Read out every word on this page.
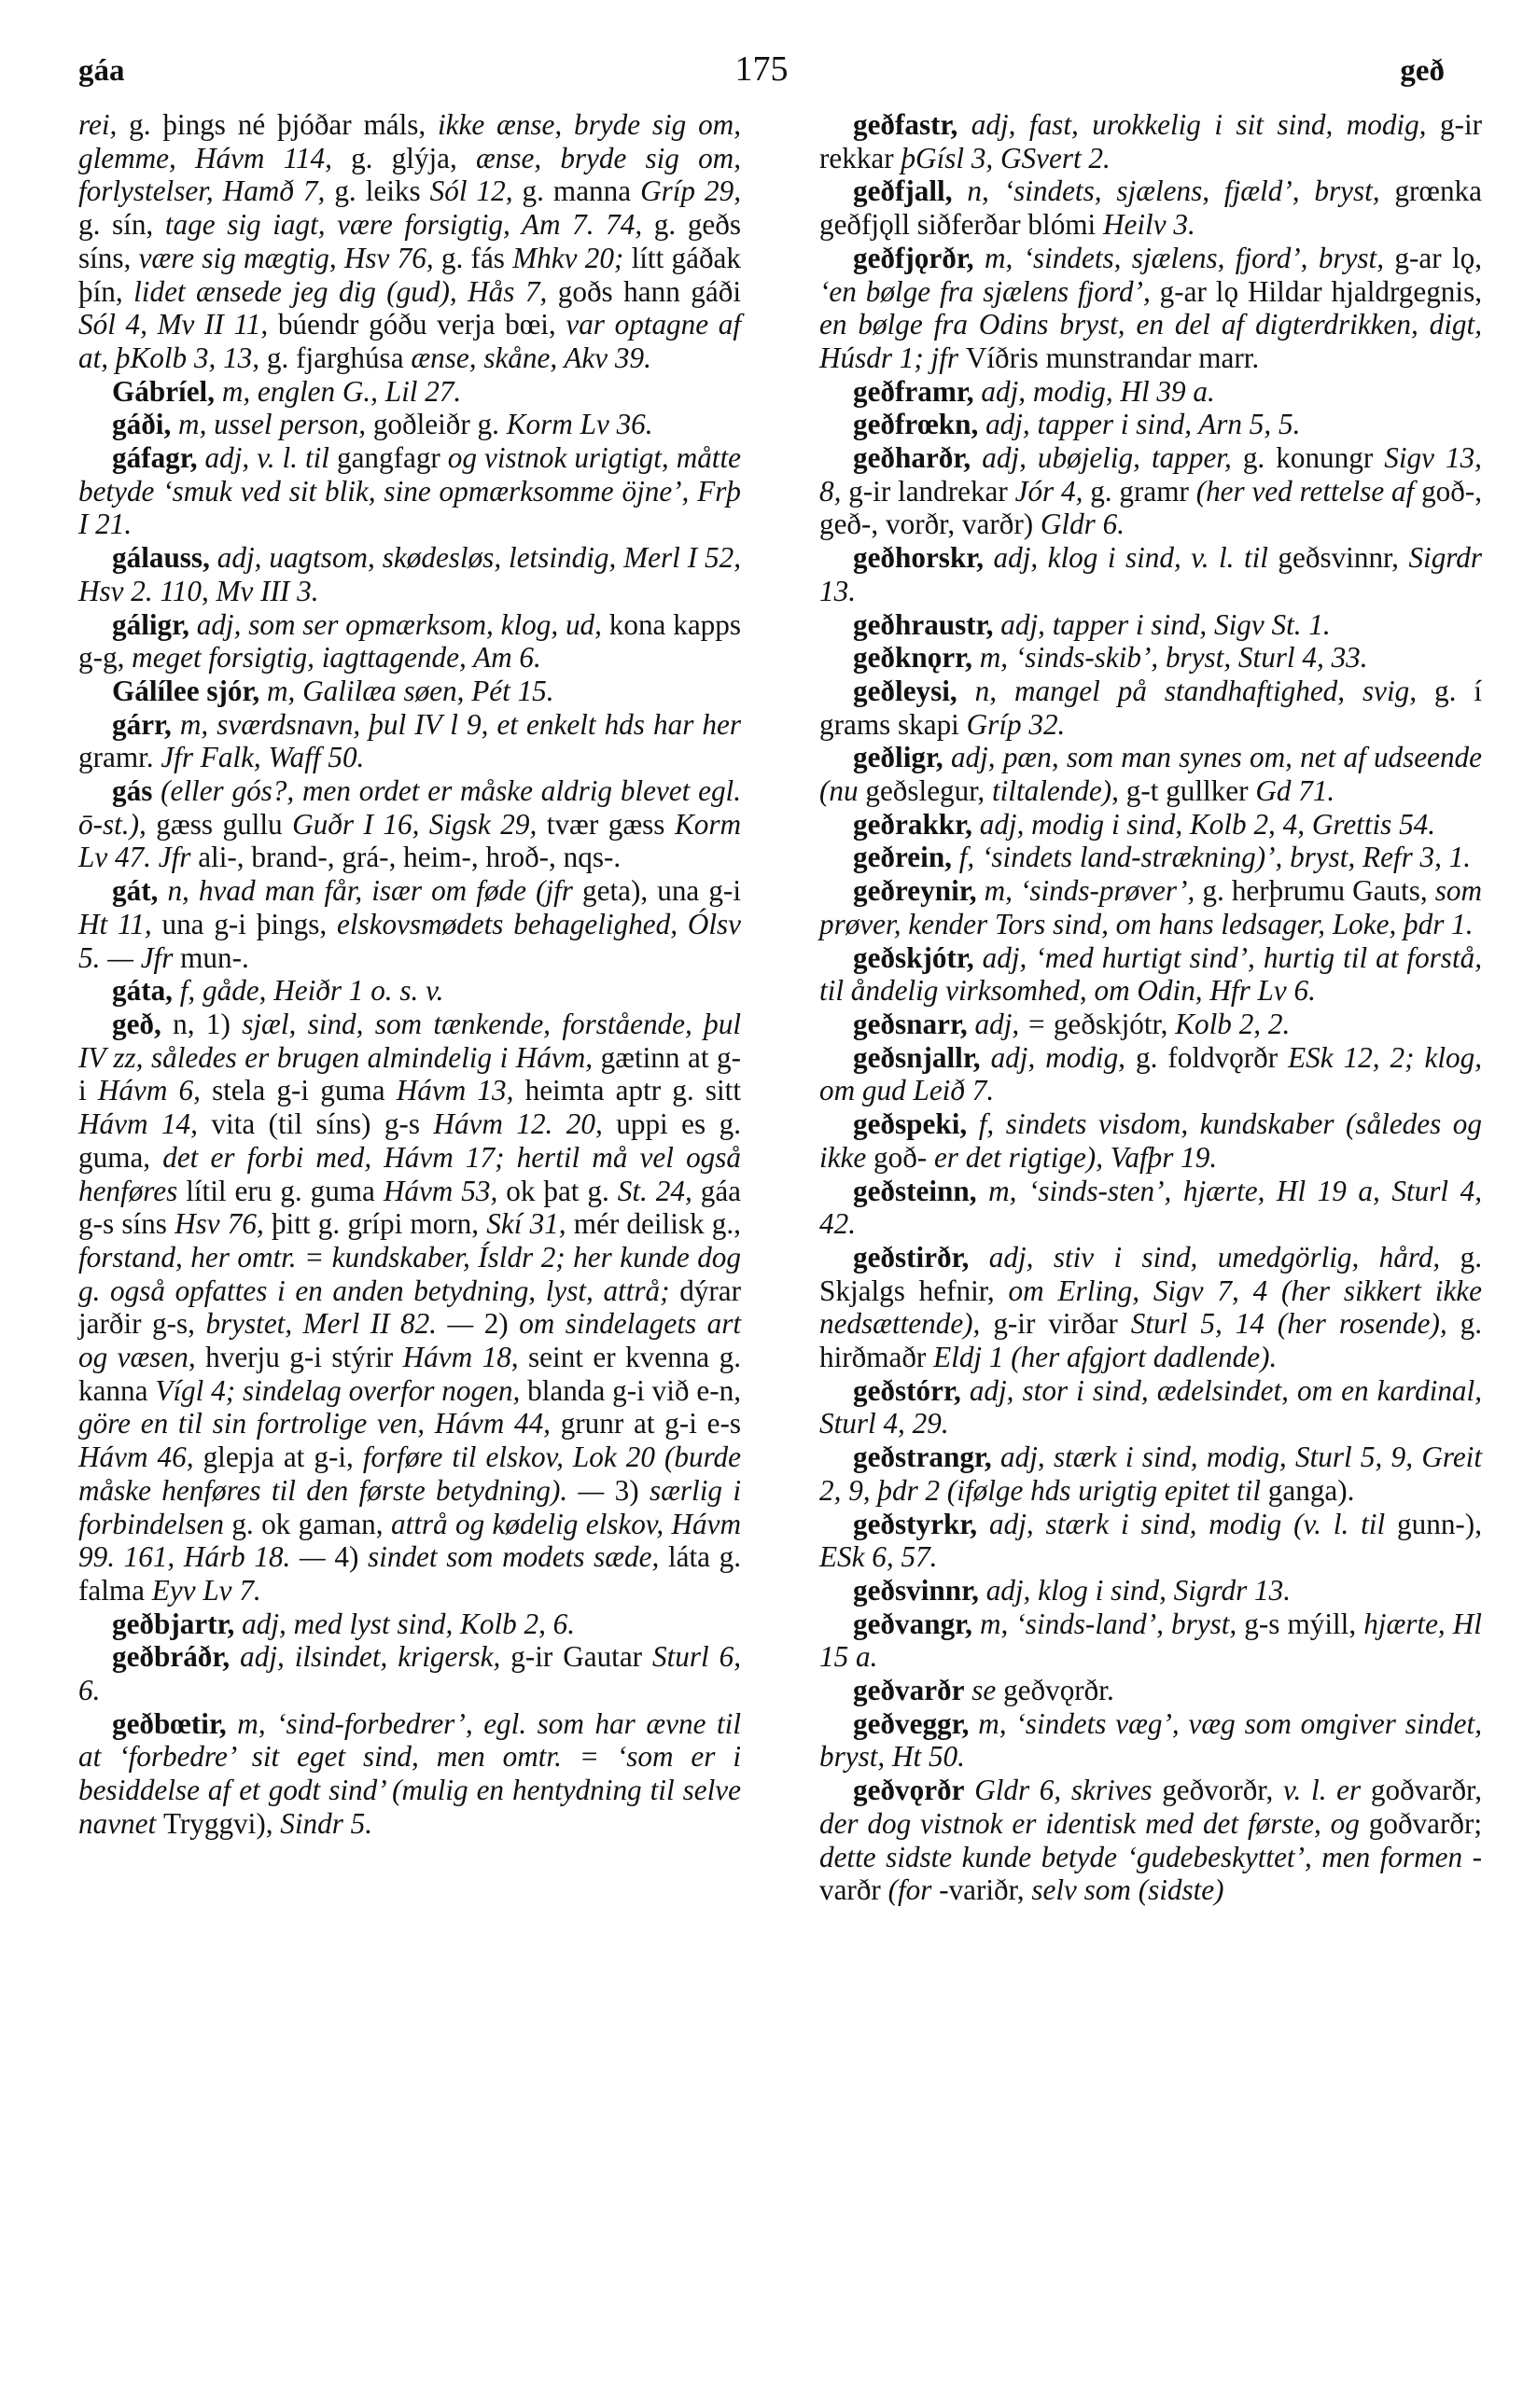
gáa	175	geð

rei, g. þings né þjóðar máls, ikke ænse, bryde sig om, glemme, Hávm 114, g. glýja, ænse, bryde sig om, forlystelser, Hamð 7, g. leiks Sól 12, g. manna Gríp 29, g. sín, tage sig iagt, være forsigtig, Am 7. 74, g. geðs síns, være sig mægtig, Hsv 76, g. fás Mhkv 20; lítt gáðak þín, lidet ænsede jeg dig (gud), Hås 7, goðs hann gáði Sól 4, Mv II 11, búendr góðu verja bœi, var optagne af at, þKolb 3, 13, g. fjarghúsa ænse, skåne, Akv 39.

Gábríel, m, englen G., Lil 27.

gáði, m, ussel person, goðleiðr g. Korm Lv 36.

gáfagr, adj, v. l. til gangfagr og vistnok urigtigt, måtte betyde ‘smuk ved sit blik, sine opmærksomme öjne’, Frþ I 21.

gálauss, adj, uagtsom, skødesløs, letsindig, Merl I 52, Hsv 2. 110, Mv III 3.

gáligr, adj, som ser opmærksom, klog, ud, kona kapps g-g, meget forsigtig, iagttagende, Am 6.

Gálílee sjór, m, Galilæa søen, Pét 15.

gárr, m, sværdsnavn, þul IV l 9, et enkelt hds har her gramr. Jfr Falk, Waff 50.

gás (eller gós?, men ordet er måske aldrig blevet egl. ō-st.), gæss gullu Guðr I 16, Sigsk 29, tvær gæss Korm Lv 47. Jfr ali-, brand-, grá-, heim-, hroð-, nqs-.

gát, n, hvad man får, især om føde (jfr geta), una g-i Ht 11, una g-i þings, elskovsmødets behagelighed, Ólsv 5. — Jfr mun-.

gáta, f, gåde, Heiðr 1 o. s. v.

geð, n, 1) sjæl, sind, som tænkende, forstående, þul IV zz, således er brugen almindelig i Hávm, gætinn at g-i Hávm 6, stela g-i guma Hávm 13, heimta aptr g. sitt Hávm 14, vita (til síns) g-s Hávm 12. 20, uppi es g. guma, det er forbi med, Hávm 17; hertil må vel også henføres lítil eru g. guma Hávm 53, ok þat g. St. 24, gáa g-s síns Hsv 76, þitt g. grípi morn, Skí 31, mér deilisk g., forstand, her omtr. = kundskaber, Ísldr 2; her kunde dog g. også opfattes i en anden betydning, lyst, attrå; dýrar jarðir g-s, brystet, Merl II 82. — 2) om sindelagets art og væsen, hverju g-i stýrir Hávm 18, seint er kvenna g. kanna Vígl 4; sindelag overfor nogen, blanda g-i við e-n, göre en til sin fortrolige ven, Hávm 44, grunr at g-i e-s Hávm 46, glepja at g-i, forføre til elskov, Lok 20 (burde måske henføres til den første betydning). — 3) særlig i forbindelsen g. ok gaman, attrå og kødelig elskov, Hávm 99. 161, Hárb 18. — 4) sindet som modets sæde, láta g. falma Eyv Lv 7.

geðbjartr, adj, med lyst sind, Kolb 2, 6.

geðbráðr, adj, ilsindet, krigersk, g-ir Gautar Sturl 6, 6.

geðbœtir, m, ‘sind-forbedrer’, egl. som har ævne til at ‘forbedre’ sit eget sind, men omtr. = ‘som er i besiddelse af et godt sind’ (mulig en hentydning til selve navnet Tryggvi), Sindr 5.

geðfastr, adj, fast, urokkelig i sit sind, modig, g-ir rekkar þGísl 3, GSvert 2.

geðfjall, n, ‘sindets, sjælens, fjæld’, bryst, grœnka geðfjǫll siðferðar blómi Heilv 3.

geðfjǫrðr, m, ‘sindets, sjælens, fjord’, bryst, g-ar lǫ, ‘en bølge fra sjælens fjord’, g-ar lǫ Hildar hjaldrgegnis, en bølge fra Odins bryst, en del af digterdrikken, digt, Húsdr 1; jfr Víðris munstrandar marr.

geðframr, adj, modig, Hl 39 a.

geðfrœkn, adj, tapper i sind, Arn 5, 5.

geðharðr, adj, ubøjelig, tapper, g. konungr Sigv 13, 8, g-ir landrekar Jór 4, g. gramr (her ved rettelse af goð-, geð-, vorðr, varðr) Gldr 6.

geðhorskr, adj, klog i sind, v. l. til geðsvinnr, Sigrdr 13.

geðhraustr, adj, tapper i sind, Sigv St. 1.

geðknǫrr, m, ‘sinds-skib’, bryst, Sturl 4, 33.

geðleysi, n, mangel på standhaftighed, svig, g. í grams skapi Gríp 32.

geðligr, adj, pæn, som man synes om, net af udseende (nu geðslegur, tiltalende), g-t gullker Gd 71.

geðrakkr, adj, modig i sind, Kolb 2, 4, Grettis 54.

geðrein, f, ‘sindets land-strækning)’, bryst, Refr 3, 1.

geðreynir, m, ‘sinds-prøver’, g. herþrumu Gauts, som prøver, kender Tors sind, om hans ledsager, Loke, þdr 1.

geðskjótr, adj, ‘med hurtigt sind’, hurtig til at forstå, til åndelig virksomhed, om Odin, Hfr Lv 6.

geðsnarr, adj, = geðskjótr, Kolb 2, 2.

geðsnjallr, adj, modig, g. foldvǫrðr ESk 12, 2; klog, om gud Leið 7.

geðspeki, f, sindets visdom, kundskaber (således og ikke goð- er det rigtige), Vafþr 19.

geðsteinn, m, ‘sinds-sten’, hjærte, Hl 19 a, Sturl 4, 42.

geðstirðr, adj, stiv i sind, umedgörlig, hård, g. Skjalgs hefnir, om Erling, Sigv 7, 4 (her sikkert ikke nedsættende), g-ir virðar Sturl 5, 14 (her rosende), g. hirðmaðr Eldj 1 (her afgjort dadlende).

geðstórr, adj, stor i sind, ædelsindet, om en kardinal, Sturl 4, 29.

geðstrangr, adj, stærk i sind, modig, Sturl 5, 9, Greit 2, 9, þdr 2 (ifølge hds urigtig epitet til ganga).

geðstyrkr, adj, stærk i sind, modig (v. l. til gunn-), ESk 6, 57.

geðsvinnr, adj, klog i sind, Sigrdr 13.

geðvangr, m, ‘sinds-land’, bryst, g-s mýill, hjærte, Hl 15 a.

geðvarðr se geðvǫrðr.

geðveggr, m, ‘sindets væg’, væg som omgiver sindet, bryst, Ht 50.

geðvǫrðr Gldr 6, skrives geðvorðr, v. l. er goðvarðr, der dog vistnok er identisk med det første, og goðvarðr; dette sidste kunde betyde ‘gudebeskyttet’, men formen -varðr (for -variðr, selv som (sidste)
